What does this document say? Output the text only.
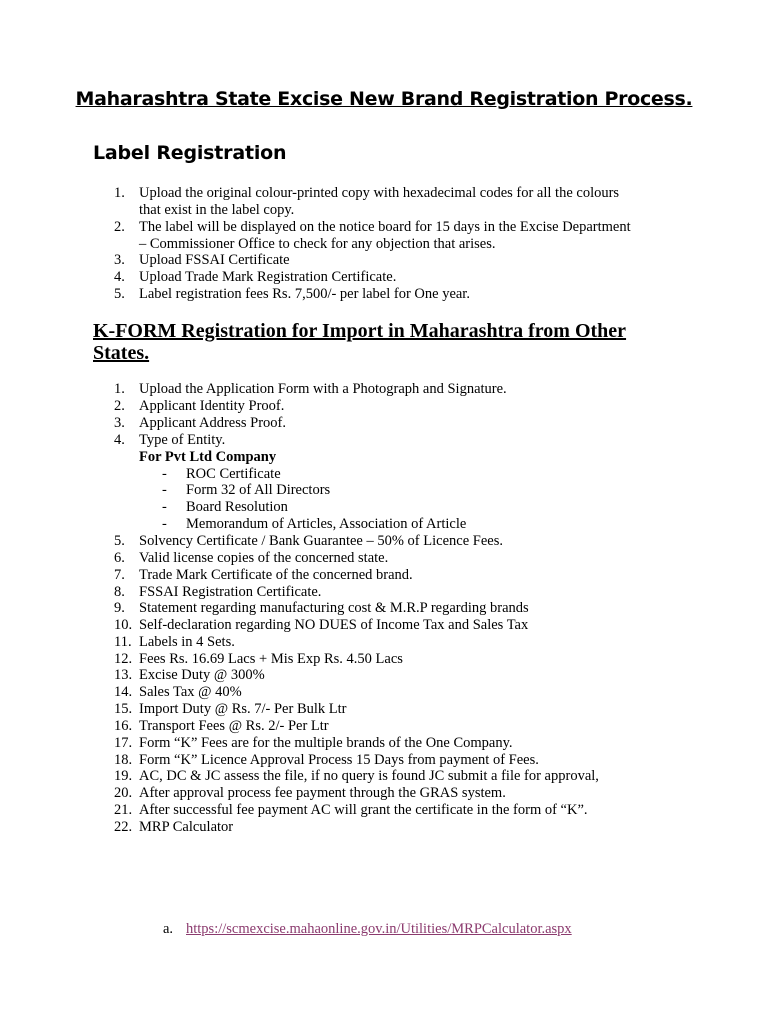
Maharashtra State Excise New Brand Registration Process.
Label Registration
1. Upload the original colour-printed copy with hexadecimal codes for all the colours
that exist in the label copy.
2. The label will be displayed on the notice board for 15 days in the Excise Department
– Commissioner Office to check for any objection that arises.
3. Upload FSSAI Certificate
4. Upload Trade Mark Registration Certificate.
5. Label registration fees Rs. 7,500/- per label for One year.
K-FORM Registration for Import in Maharashtra from Other
States.
1. Upload the Application Form with a Photograph and Signature.
2. Applicant Identity Proof.
3. Applicant Address Proof.
4. Type of Entity.
For Pvt Ltd Company
- ROC Certificate
- Form 32 of All Directors
- Board Resolution
- Memorandum of Articles, Association of Article
5. Solvency Certificate / Bank Guarantee – 50% of Licence Fees.
6. Valid license copies of the concerned state.
7. Trade Mark Certificate of the concerned brand.
8. FSSAI Registration Certificate.
9. Statement regarding manufacturing cost & M.R.P regarding brands
10. Self-declaration regarding NO DUES of Income Tax and Sales Tax
11. Labels in 4 Sets.
12. Fees Rs. 16.69 Lacs + Mis Exp Rs. 4.50 Lacs
13. Excise Duty @ 300%
14. Sales Tax @ 40%
15. Import Duty @ Rs. 7/- Per Bulk Ltr
16. Transport Fees @ Rs. 2/- Per Ltr
17. Form “K” Fees are for the multiple brands of the One Company.
18. Form “K” Licence Approval Process 15 Days from payment of Fees.
19. AC, DC & JC assess the file, if no query is found JC submit a file for approval,
20. After approval process fee payment through the GRAS system.
21. After successful fee payment AC will grant the certificate in the form of “K”.
22. MRP Calculator
a. https://scmexcise.mahaonline.gov.in/Utilities/MRPCalculator.aspx
